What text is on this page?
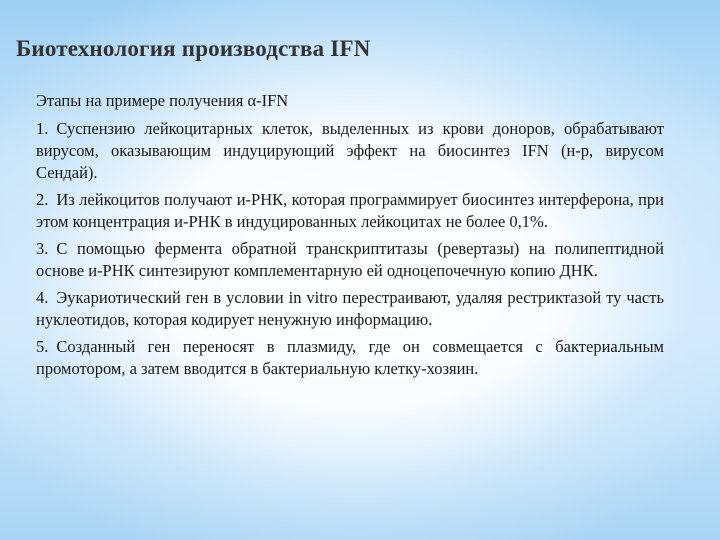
Биотехнология производства IFN

Этапы на примере получения α-IFN

1. Суспензию лейкоцитарных клеток, выделенных из крови доноров, обрабатывают вирусом, оказывающим индуцирующий эффект на биосинтез IFN (н-р, вирусом Сендай).
2. Из лейкоцитов получают и-РНК, которая программирует биосинтез интерферона, при этом концентрация и-РНК в индуцированных лейкоцитах не более 0,1%.
3. С помощью фермента обратной транскриптитазы (ревертазы) на полипептидной основе и-РНК синтезируют комплементарную ей одноцепочечную копию ДНК.
4. Эукариотический ген в условии in vitro перестраивают, удаляя рестриктазой ту часть нуклеотидов, которая кодирует ненужную информацию.
5. Созданный ген переносят в плазмиду, где он совмещается с бактериальным промотором, а затем вводится в бактериальную клетку-хозяин.
